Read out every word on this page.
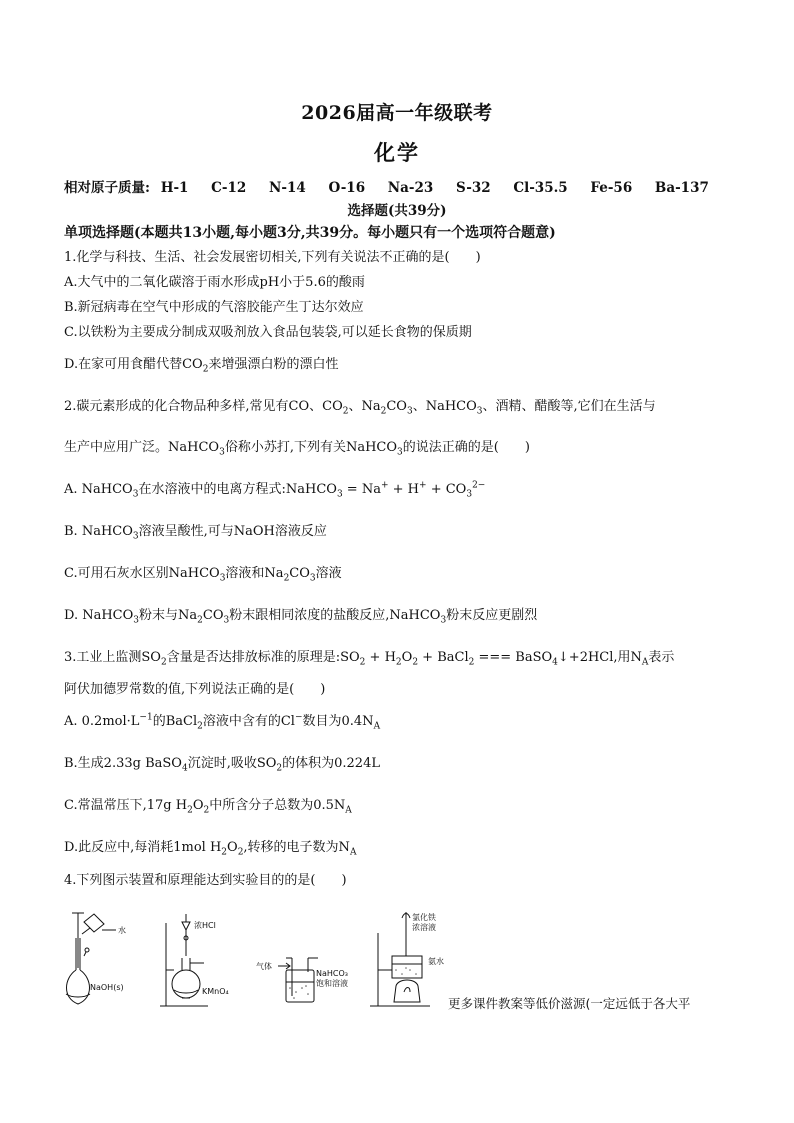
2026届高一年级联考
化学
相对原子质量: H-1 C-12 N-14 O-16 Na-23 S-32 Cl-35.5 Fe-56 Ba-137
选择题(共39分)
单项选择题(本题共13小题,每小题3分,共39分。每小题只有一个选项符合题意)
1.化学与科技、生活、社会发展密切相关,下列有关说法不正确的是(　　)
A.大气中的二氧化碳溶于雨水形成pH小于5.6的酸雨
B.新冠病毒在空气中形成的气溶胶能产生丁达尔效应
C.以铁粉为主要成分制成双吸剂放入食品包装袋,可以延长食物的保质期
D.在家可用食醋代替$CO_2$来增强漂白粉的漂白性
2.碳元素形成的化合物品种多样,常见有CO、$CO_2$、$Na_2CO_3$、NaHCO$_3$、酒精、醋酸等,它们在生活与
生产中应用广泛。NaHCO$_3$俗称小苏打,下列有关NaHCO$_3$的说法正确的是(　　)
A. NaHCO$_3$在水溶液中的电离方程式:NaHCO$_3$ = $Na^+ + H^+ + CO_3^{2-}$
B. NaHCO$_3$溶液呈酸性,可与NaOH溶液反应
C.可用石灰水区别NaHCO$_3$溶液和$Na_2CO_3$溶液
D. NaHCO$_3$粉末与$Na_2CO_3$粉末跟相同浓度的盐酸反应,NaHCO$_3$粉末反应更剧烈
3.工业上监测$SO_2$含量是否达排放标准的原理是$:SO_2 + H_2O_2$ + BaCl$_2$ === BaSO$_4$↓+2HCl,用$N_A$表示
阿伏加德罗常数的值,下列说法正确的是(　　)
A. $0.2mol\cdot L^{-1}$的BaCl$_2$溶液中含有的Cl−数目为$0.4N_A$
B.生成2.33g BaSO$_4$沉淀时,吸收$SO_2$的体积为0.224L
C.常温常压下,17g $H_2O_2$中所含分子总数为$0.5N_A$
D.此反应中,每消耗1mol $H_2O_2$,转移的电子数为$N_A$
4.下列图示装置和原理能达到实验目的的是(　　)
水
NaOH(s)
浓HCl
KMnO₄
气体
NaHCO₃
饱和溶液
氯化铁
浓溶液
氨水
更多课件教案等低价滋源(一定远低于各大平
